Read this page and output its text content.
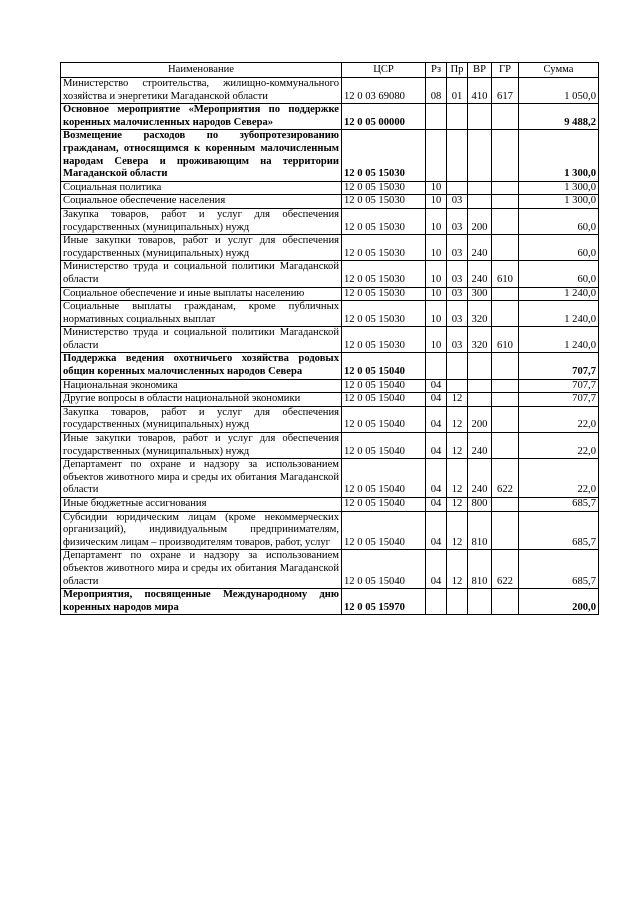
Наименование	ЦСР	Рз	Пр	ВР	ГР	Сумма
Министерство строительства, жилищно-коммунального хозяйства и энергетики Магаданской области	12 0 03 69080	08	01	410	617	1 050,0
Основное мероприятие «Мероприятия по поддержке коренных малочисленных народов Севера»	12 0 05 00000					9 488,2
Возмещение расходов по зубопротезированию гражданам, относящимся к коренным малочисленным народам Севера и проживающим на территории Магаданской области	12 0 05 15030					1 300,0
Социальная политика	12 0 05 15030	10				1 300,0
Социальное обеспечение населения	12 0 05 15030	10	03			1 300,0
Закупка товаров, работ и услуг для обеспечения государственных (муниципальных) нужд	12 0 05 15030	10	03	200		60,0
Иные закупки товаров, работ и услуг для обеспечения государственных (муниципальных) нужд	12 0 05 15030	10	03	240		60,0
Министерство труда и социальной политики Магаданской области	12 0 05 15030	10	03	240	610	60,0
Социальное обеспечение и иные выплаты населению	12 0 05 15030	10	03	300		1 240,0
Социальные выплаты гражданам, кроме публичных нормативных социальных выплат	12 0 05 15030	10	03	320		1 240,0
Министерство труда и социальной политики Магаданской области	12 0 05 15030	10	03	320	610	1 240,0
Поддержка ведения охотничьего хозяйства родовых общин коренных малочисленных народов Севера	12 0 05 15040					707,7
Национальная экономика	12 0 05 15040	04				707,7
Другие вопросы в области национальной экономики	12 0 05 15040	04	12			707,7
Закупка товаров, работ и услуг для обеспечения государственных (муниципальных) нужд	12 0 05 15040	04	12	200		22,0
Иные закупки товаров, работ и услуг для обеспечения государственных (муниципальных) нужд	12 0 05 15040	04	12	240		22,0
Департамент по охране и надзору за использованием объектов животного мира и среды их обитания Магаданской области	12 0 05 15040	04	12	240	622	22,0
Иные бюджетные ассигнования	12 0 05 15040	04	12	800		685,7
Субсидии юридическим лицам (кроме некоммерческих организаций), индивидуальным предпринимателям, физическим лицам – производителям товаров, работ, услуг	12 0 05 15040	04	12	810		685,7
Департамент по охране и надзору за использованием объектов животного мира и среды их обитания Магаданской области	12 0 05 15040	04	12	810	622	685,7
Мероприятия, посвященные Международному дню коренных народов мира	12 0 05 15970					200,0
